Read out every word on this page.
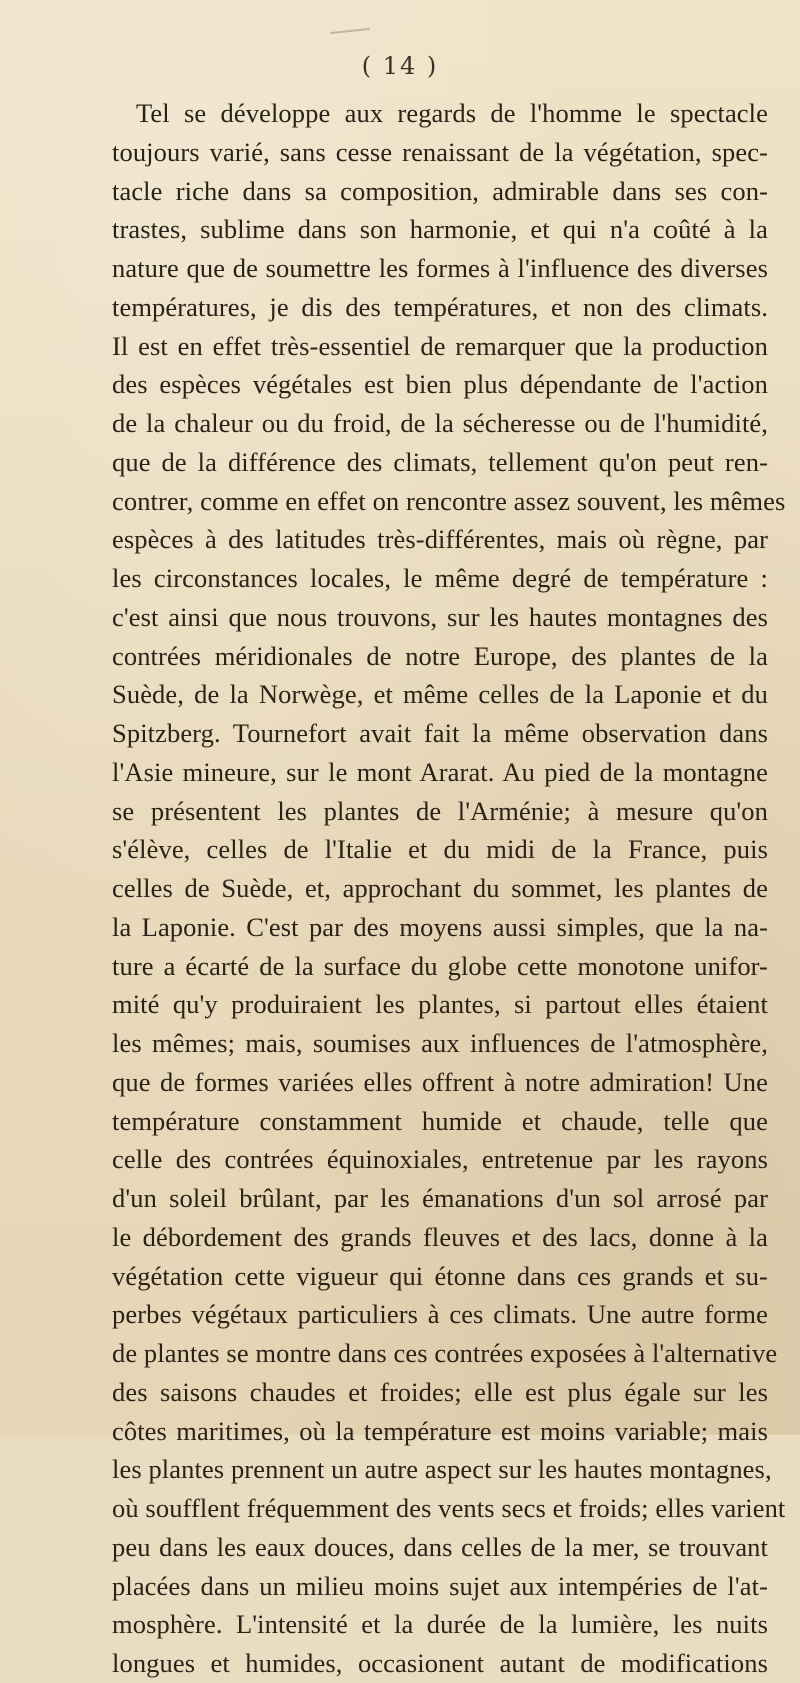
( 14 )
Tel se développe aux regards de l'homme le spectacle
toujours varié, sans cesse renaissant de la végétation, spec-
tacle riche dans sa composition, admirable dans ses con-
trastes, sublime dans son harmonie, et qui n'a coûté à la
nature que de soumettre les formes à l'influence des diverses
températures, je dis des températures, et non des climats.
Il est en effet très-essentiel de remarquer que la production
des espèces végétales est bien plus dépendante de l'action
de la chaleur ou du froid, de la sécheresse ou de l'humidité,
que de la différence des climats, tellement qu'on peut ren-
contrer, comme en effet on rencontre assez souvent, les mêmes
espèces à des latitudes très-différentes, mais où règne, par
les circonstances locales, le même degré de température :
c'est ainsi que nous trouvons, sur les hautes montagnes des
contrées méridionales de notre Europe, des plantes de la
Suède, de la Norwège, et même celles de la Laponie et du
Spitzberg. Tournefort avait fait la même observation dans
l'Asie mineure, sur le mont Ararat. Au pied de la montagne
se présentent les plantes de l'Arménie; à mesure qu'on
s'élève, celles de l'Italie et du midi de la France, puis
celles de Suède, et, approchant du sommet, les plantes de
la Laponie. C'est par des moyens aussi simples, que la na-
ture a écarté de la surface du globe cette monotone unifor-
mité qu'y produiraient les plantes, si partout elles étaient
les mêmes; mais, soumises aux influences de l'atmosphère,
que de formes variées elles offrent à notre admiration! Une
température constamment humide et chaude, telle que
celle des contrées équinoxiales, entretenue par les rayons
d'un soleil brûlant, par les émanations d'un sol arrosé par
le débordement des grands fleuves et des lacs, donne à la
végétation cette vigueur qui étonne dans ces grands et su-
perbes végétaux particuliers à ces climats. Une autre forme
de plantes se montre dans ces contrées exposées à l'alternative
des saisons chaudes et froides; elle est plus égale sur les
côtes maritimes, où la température est moins variable; mais
les plantes prennent un autre aspect sur les hautes montagnes,
où soufflent fréquemment des vents secs et froids; elles varient
peu dans les eaux douces, dans celles de la mer, se trouvant
placées dans un milieu moins sujet aux intempéries de l'at-
mosphère. L'intensité et la durée de la lumière, les nuits
longues et humides, occasionent autant de modifications
